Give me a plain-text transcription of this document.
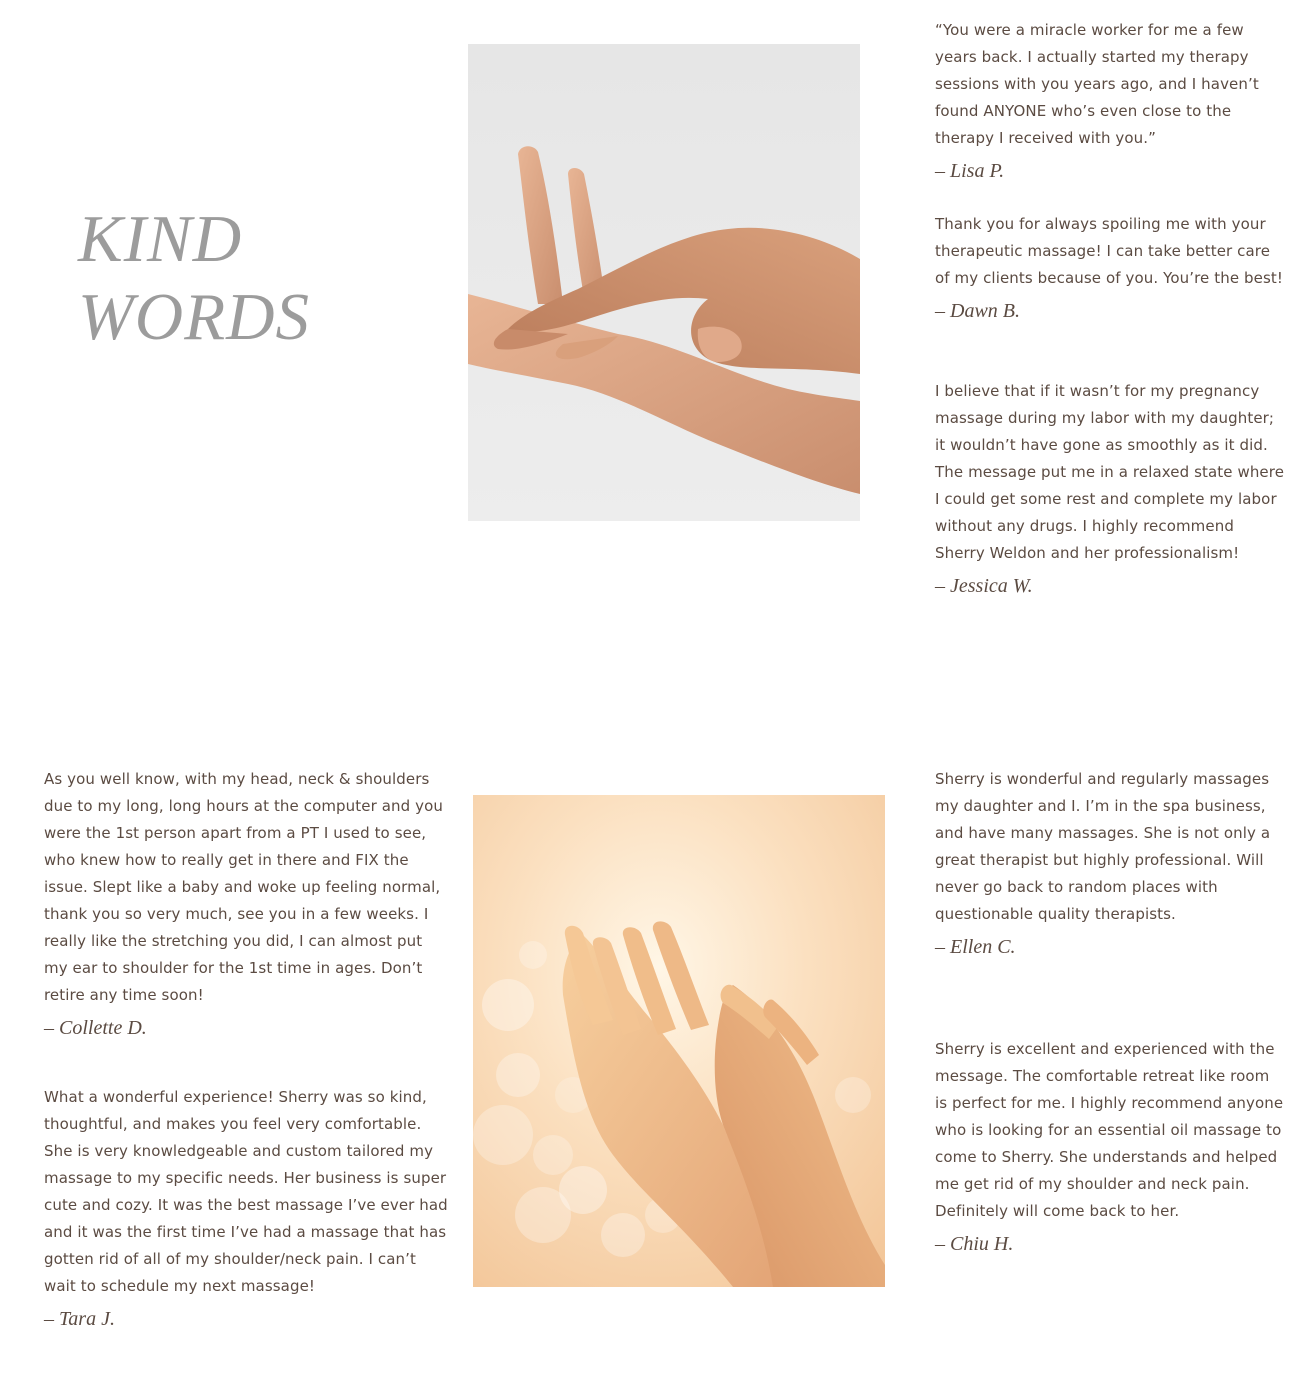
KIND
WORDS

“You were a miracle worker for me a few years back. I actually started my therapy sessions with you years ago, and I haven’t found ANYONE who’s even close to the therapy I received with you.”

– Lisa P.

Thank you for always spoiling me with your therapeutic massage! I can take better care of my clients because of you. You’re the best!

– Dawn B.

I believe that if it wasn’t for my pregnancy massage during my labor with my daughter; it wouldn’t have gone as smoothly as it did. The message put me in a relaxed state where I could get some rest and complete my labor without any drugs. I highly recommend Sherry Weldon and her professionalism!

– Jessica W.

As you well know, with my head, neck & shoulders due to my long, long hours at the computer and you were the 1st person apart from a PT I used to see, who knew how to really get in there and FIX the issue. Slept like a baby and woke up feeling normal, thank you so very much, see you in a few weeks. I really like the stretching you did, I can almost put my ear to shoulder for the 1st time in ages. Don’t retire any time soon!

– Collette D.

What a wonderful experience! Sherry was so kind, thoughtful, and makes you feel very comfortable. She is very knowledgeable and custom tailored my massage to my specific needs. Her business is super cute and cozy. It was the best massage I’ve ever had and it was the first time I’ve had a massage that has gotten rid of all of my shoulder/neck pain. I can’t wait to schedule my next massage!

– Tara J.

Sherry is wonderful and regularly massages my daughter and I. I’m in the spa business, and have many massages. She is not only a great therapist but highly professional. Will never go back to random places with questionable quality therapists.

– Ellen C.

Sherry is excellent and experienced with the message. The comfortable retreat like room is perfect for me. I highly recommend anyone who is looking for an essential oil massage to come to Sherry. She understands and helped me get rid of my shoulder and neck pain. Definitely will come back to her.

– Chiu H.
